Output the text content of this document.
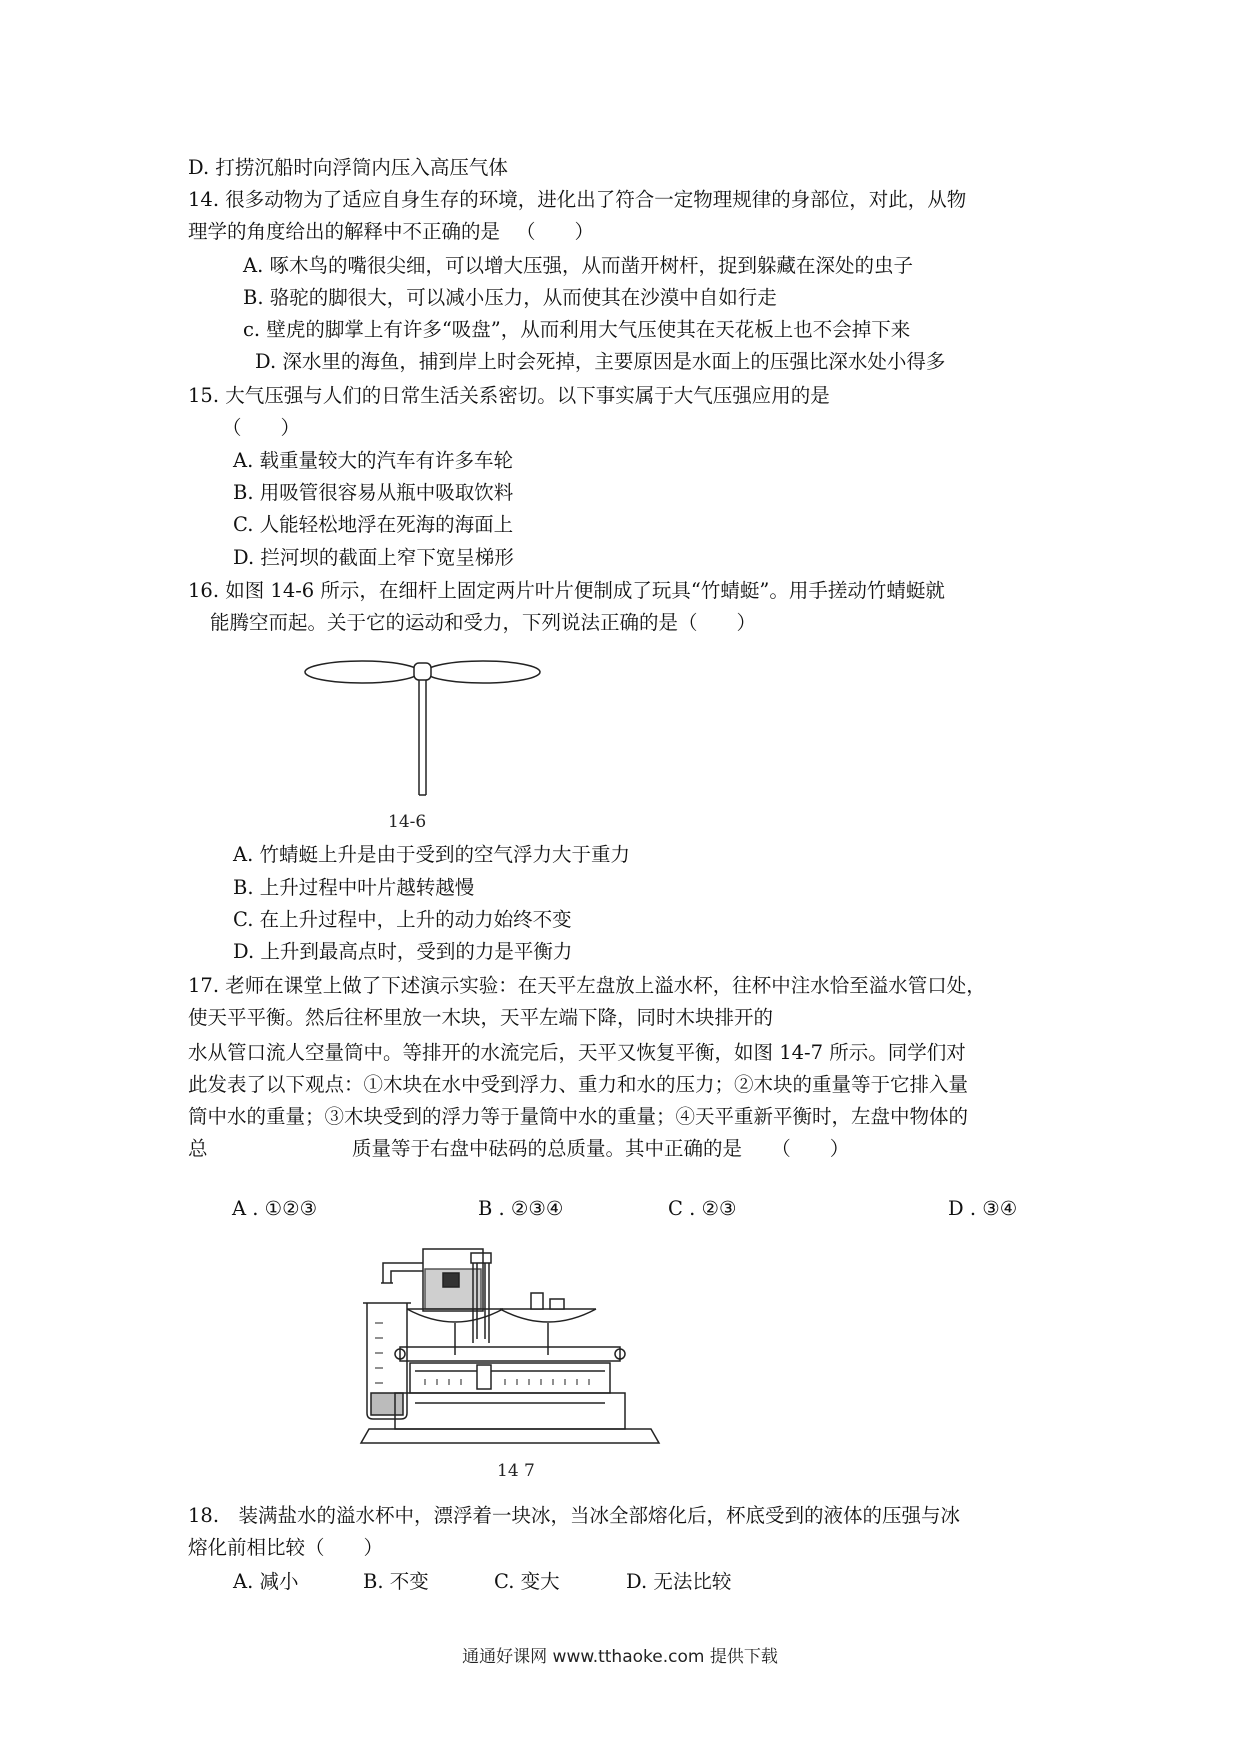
D. 打捞沉船时向浮筒内压入高压气体
14. 很多动物为了适应自身生存的环境，进化出了符合一定物理规律的身部位，对此，从物
理学的角度给出的解释中不正确的是 　（　　）
A. 啄木鸟的嘴很尖细，可以增大压强，从而凿开树杆，捉到躲藏在深处的虫子
B. 骆驼的脚很大，可以减小压力，从而使其在沙漠中自如行走
c. 壁虎的脚掌上有许多“吸盘”，从而利用大气压使其在天花板上也不会掉下来
D. 深水里的海鱼，捕到岸上时会死掉，主要原因是水面上的压强比深水处小得多
15. 大气压强与人们的日常生活关系密切。以下事实属于大气压强应用的是
（　　）
A. 载重量较大的汽车有许多车轮
B. 用吸管很容易从瓶中吸取饮料
C. 人能轻松地浮在死海的海面上
D. 拦河坝的截面上窄下宽呈梯形
16. 如图 14-6 所示，在细杆上固定两片叶片便制成了玩具“竹蜻蜓”。用手搓动竹蜻蜓就
能腾空而起。关于它的运动和受力，下列说法正确的是（　　）
14-6
A. 竹蜻蜓上升是由于受到的空气浮力大于重力
B. 上升过程中叶片越转越慢
C. 在上升过程中，上升的动力始终不变
D. 上升到最高点时，受到的力是平衡力
17. 老师在课堂上做了下述演示实验：在天平左盘放上溢水杯，往杯中注水恰至溢水管口处，
使天平平衡。然后往杯里放一木块，天平左端下降，同时木块排开的
水从管口流人空量筒中。等排开的水流完后，天平又恢复平衡，如图 14-7 所示。同学们对
此发表了以下观点：①木块在水中受到浮力、重力和水的压力；②木块的重量等于它排入量
筒中水的重量；③木块受到的浮力等于量筒中水的重量；④天平重新平衡时，左盘中物体的
总	质量等于右盘中砝码的总质量。其中正确的是　　（　　）
A . ①②③	B . ②③④	C . ②③	D . ③④
14 7
18.　装满盐水的溢水杯中，漂浮着一块冰，当冰全部熔化后，杯底受到的液体的压强与冰
熔化前相比较（　　）
A. 减小	B. 不变	C. 变大	D. 无法比较
通通好课网 www.tthaoke.com 提供下载
